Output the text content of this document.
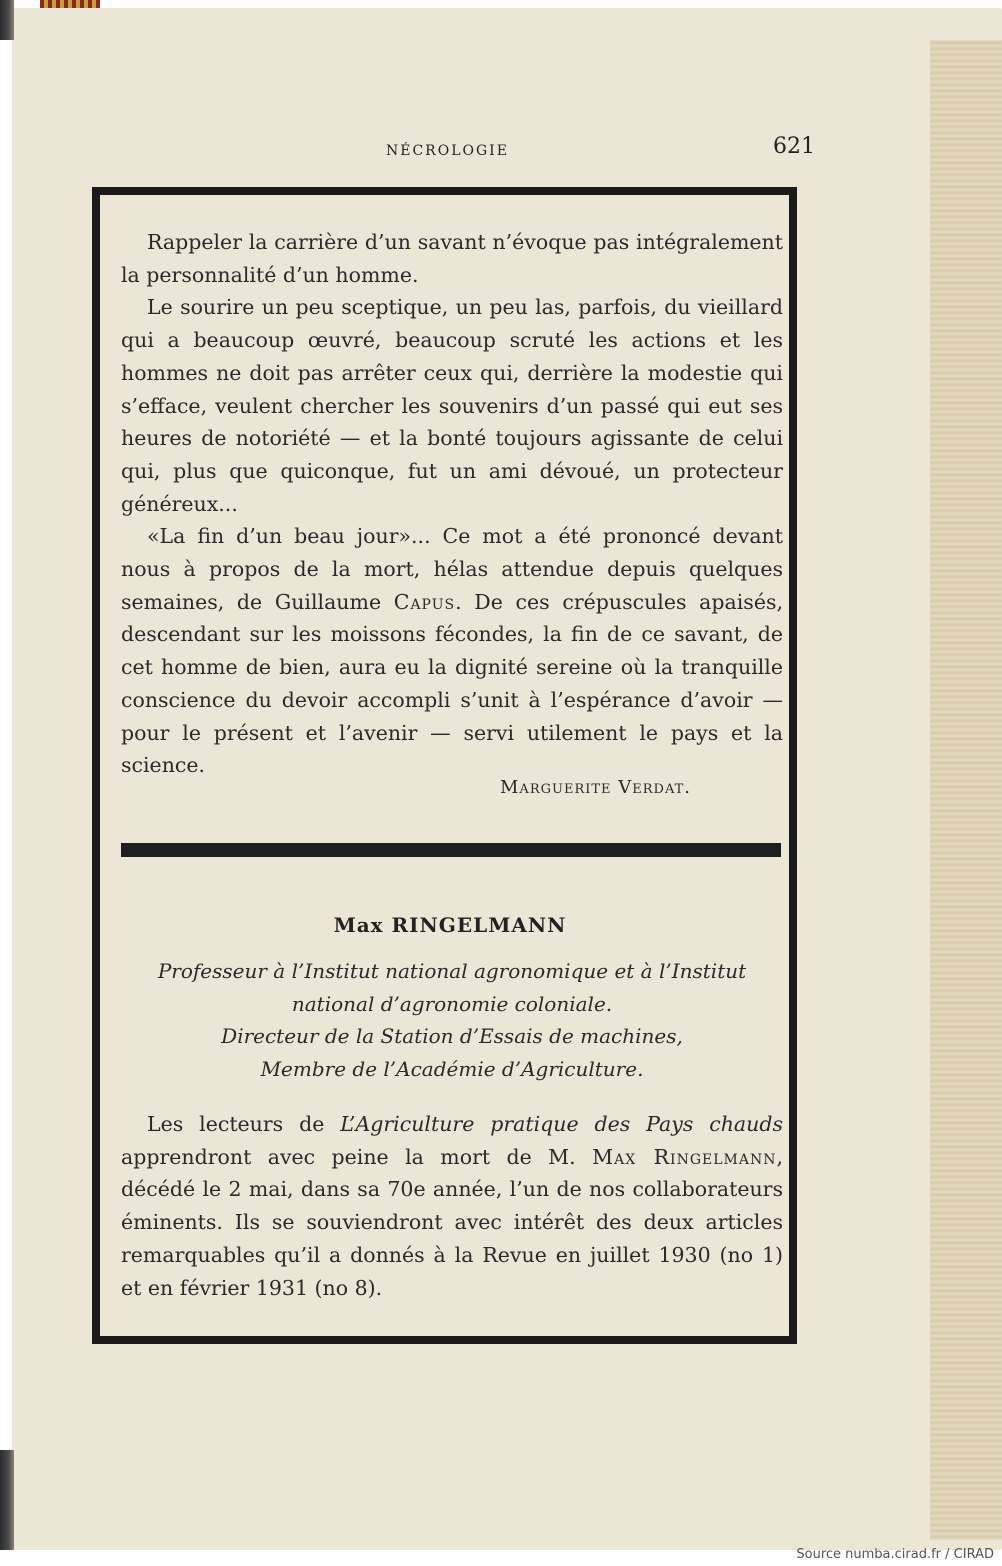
NÉCROLOGIE	621

Rappeler la carrière d’un savant n’évoque pas intégralement la personnalité d’un homme.

Le sourire un peu sceptique, un peu las, parfois, du vieillard qui a beaucoup œuvré, beaucoup scruté les actions et les hommes ne doit pas arrêter ceux qui, derrière la modestie qui s’efface, veulent chercher les souvenirs d’un passé qui eut ses heures de notoriété — et la bonté toujours agissante de celui qui, plus que quiconque, fut un ami dévoué, un protecteur généreux...

«La fin d’un beau jour»... Ce mot a été prononcé devant nous à propos de la mort, hélas attendue depuis quelques semaines, de Guillaume Capus. De ces crépuscules apaisés, descendant sur les moissons fécondes, la fin de ce savant, de cet homme de bien, aura eu la dignité sereine où la tranquille conscience du devoir accompli s’unit à l’espérance d’avoir — pour le présent et l’avenir — servi utilement le pays et la science.

Marguerite Verdat.
Max RINGELMANN
Professeur à l’Institut national agronomique et à l’Institut
national d’agronomie coloniale.
Directeur de la Station d’Essais de machines,
Membre de l’Académie d’Agriculture.

Les lecteurs de L’Agriculture pratique des Pays chauds apprendront avec peine la mort de M. Max Ringelmann, décédé le 2 mai, dans sa 70e année, l’un de nos collaborateurs éminents. Ils se souviendront avec intérêt des deux articles remarquables qu’il a donnés à la Revue en juillet 1930 (no 1) et en février 1931 (no 8).

Source numba.cirad.fr / CIRAD
